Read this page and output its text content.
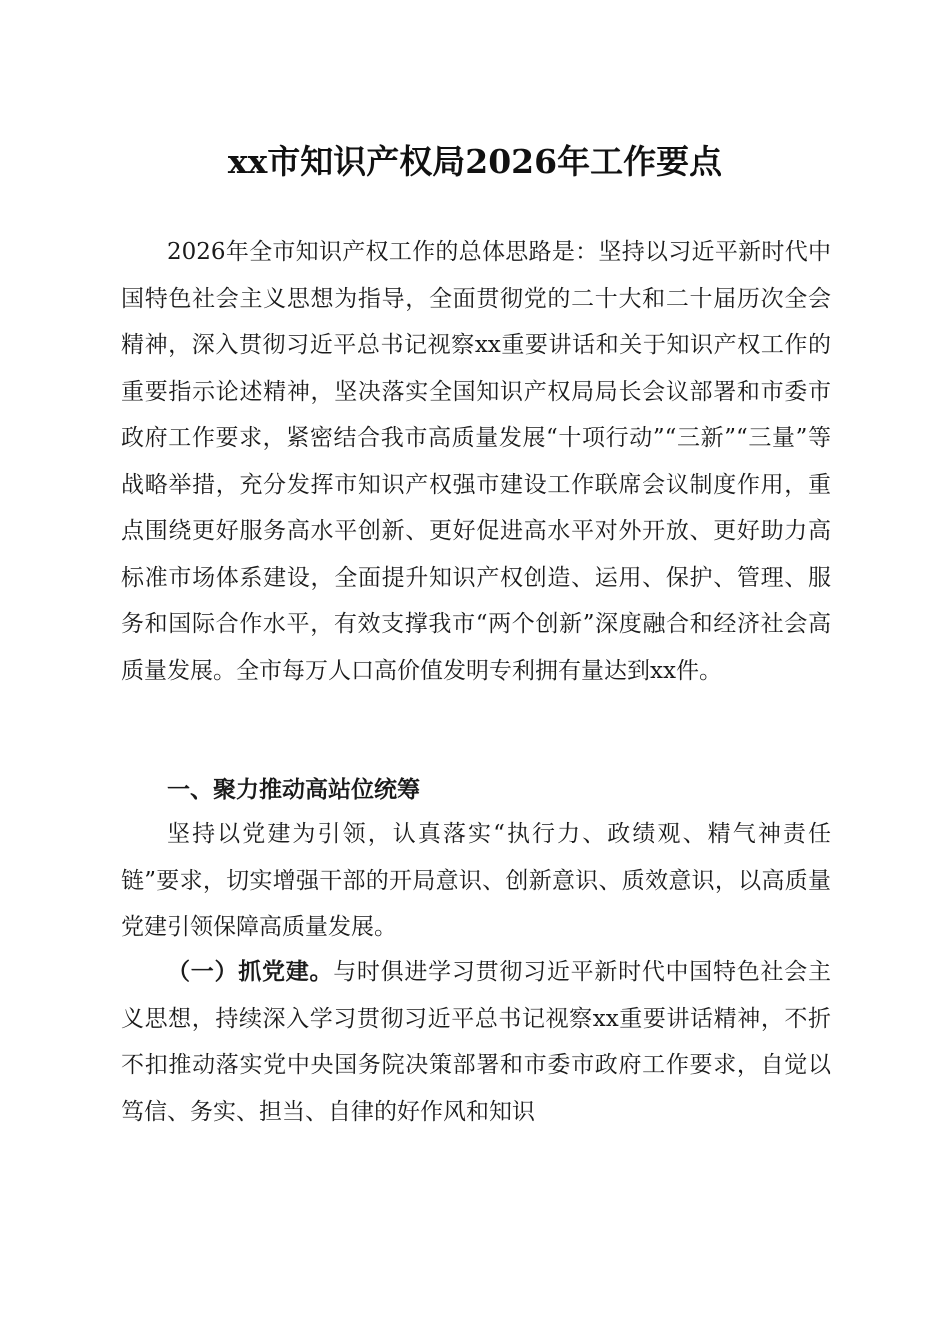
xx市知识产权局2026年工作要点

2026年全市知识产权工作的总体思路是：坚持以习近平新时代中国特色社会主义思想为指导，全面贯彻党的二十大和二十届历次全会精神，深入贯彻习近平总书记视察xx重要讲话和关于知识产权工作的重要指示论述精神，坚决落实全国知识产权局局长会议部署和市委市政府工作要求，紧密结合我市高质量发展“十项行动”“三新”“三量”等战略举措，充分发挥市知识产权强市建设工作联席会议制度作用，重点围绕更好服务高水平创新、更好促进高水平对外开放、更好助力高标准市场体系建设，全面提升知识产权创造、运用、保护、管理、服务和国际合作水平，有效支撑我市“两个创新”深度融合和经济社会高质量发展。全市每万人口高价值发明专利拥有量达到xx件。

一、聚力推动高站位统筹

坚持以党建为引领，认真落实“执行力、政绩观、精气神责任链”要求，切实增强干部的开局意识、创新意识、质效意识，以高质量党建引领保障高质量发展。

（一）抓党建。与时俱进学习贯彻习近平新时代中国特色社会主义思想，持续深入学习贯彻习近平总书记视察xx重要讲话精神，不折不扣推动落实党中央国务院决策部署和市委市政府工作要求，自觉以笃信、务实、担当、自律的好作风和知识
